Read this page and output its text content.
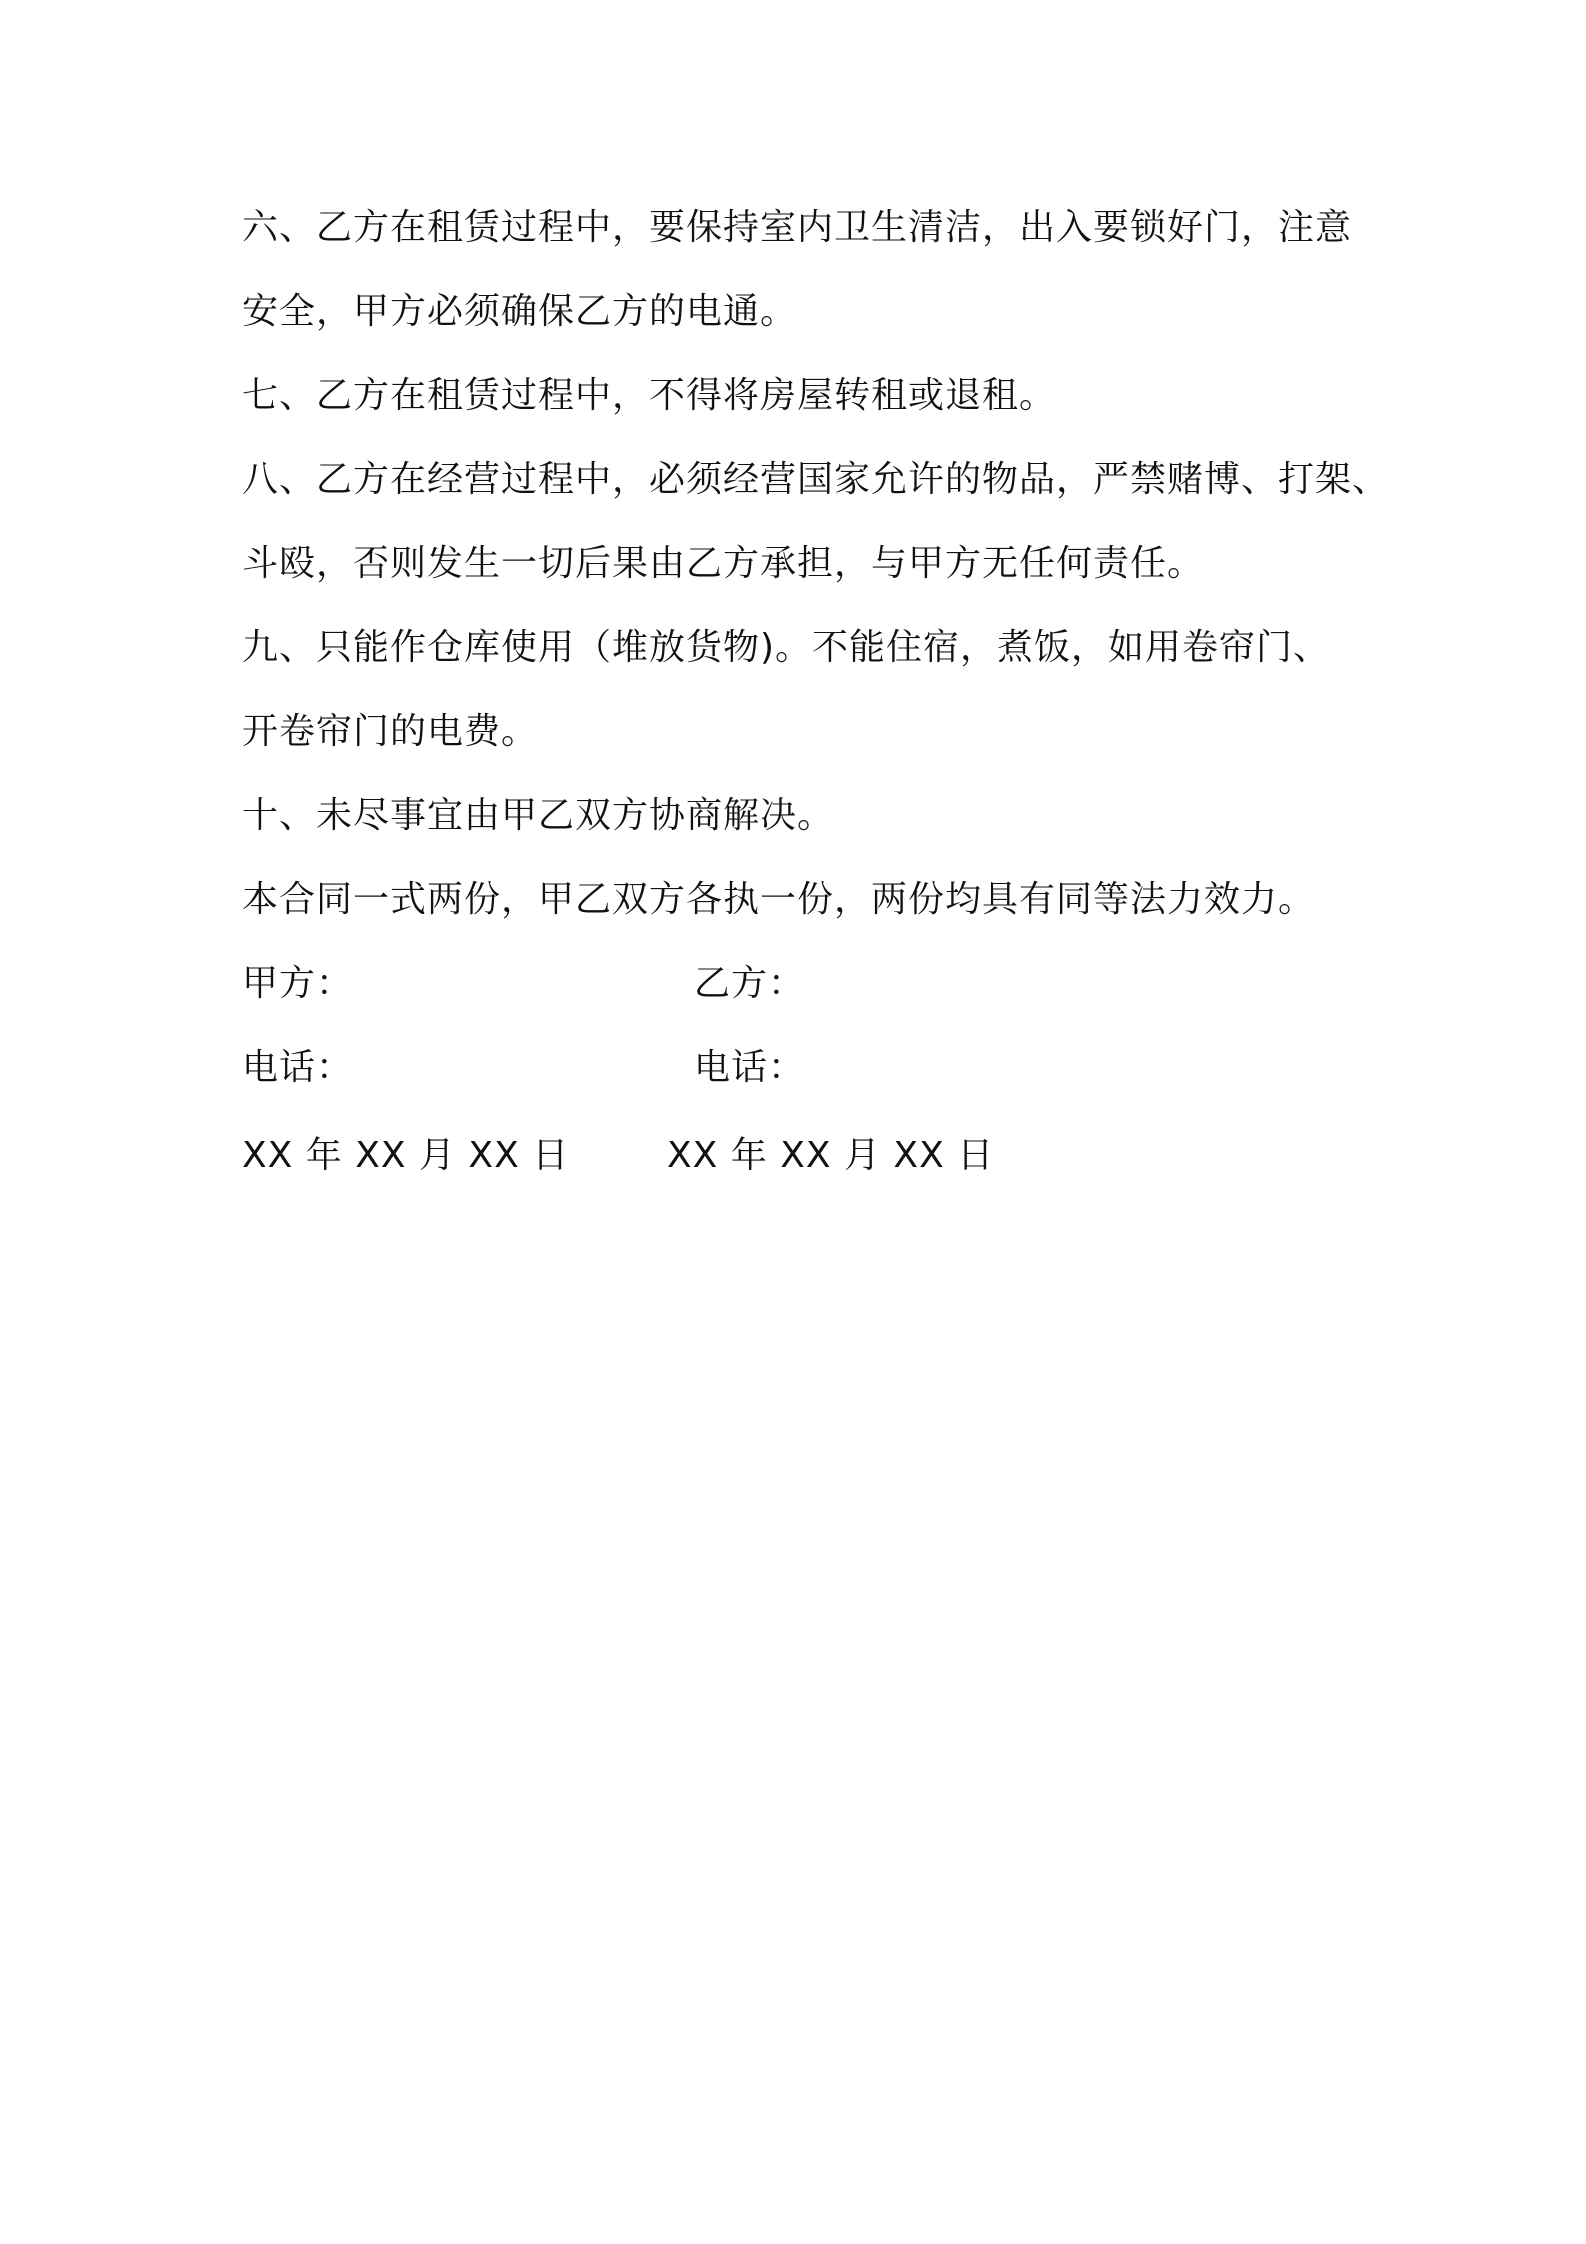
六、乙方在租赁过程中，要保持室内卫生清洁，出入要锁好门，注意
安全，甲方必须确保乙方的电通。
七、乙方在租赁过程中，不得将房屋转租或退租。
八、乙方在经营过程中，必须经营国家允许的物品，严禁赌博、打架、
斗殴，否则发生一切后果由乙方承担，与甲方无任何责任。
九、只能作仓库使用（堆放货物)。不能住宿，煮饭，如用卷帘门、
开卷帘门的电费。
十、未尽事宜由甲乙双方协商解决。
本合同一式两份，甲乙双方各执一份，两份均具有同等法力效力。
甲方：	乙方：
电话：	电话：
XX 年 XX 月 XX 日	XX 年 XX 月 XX 日
